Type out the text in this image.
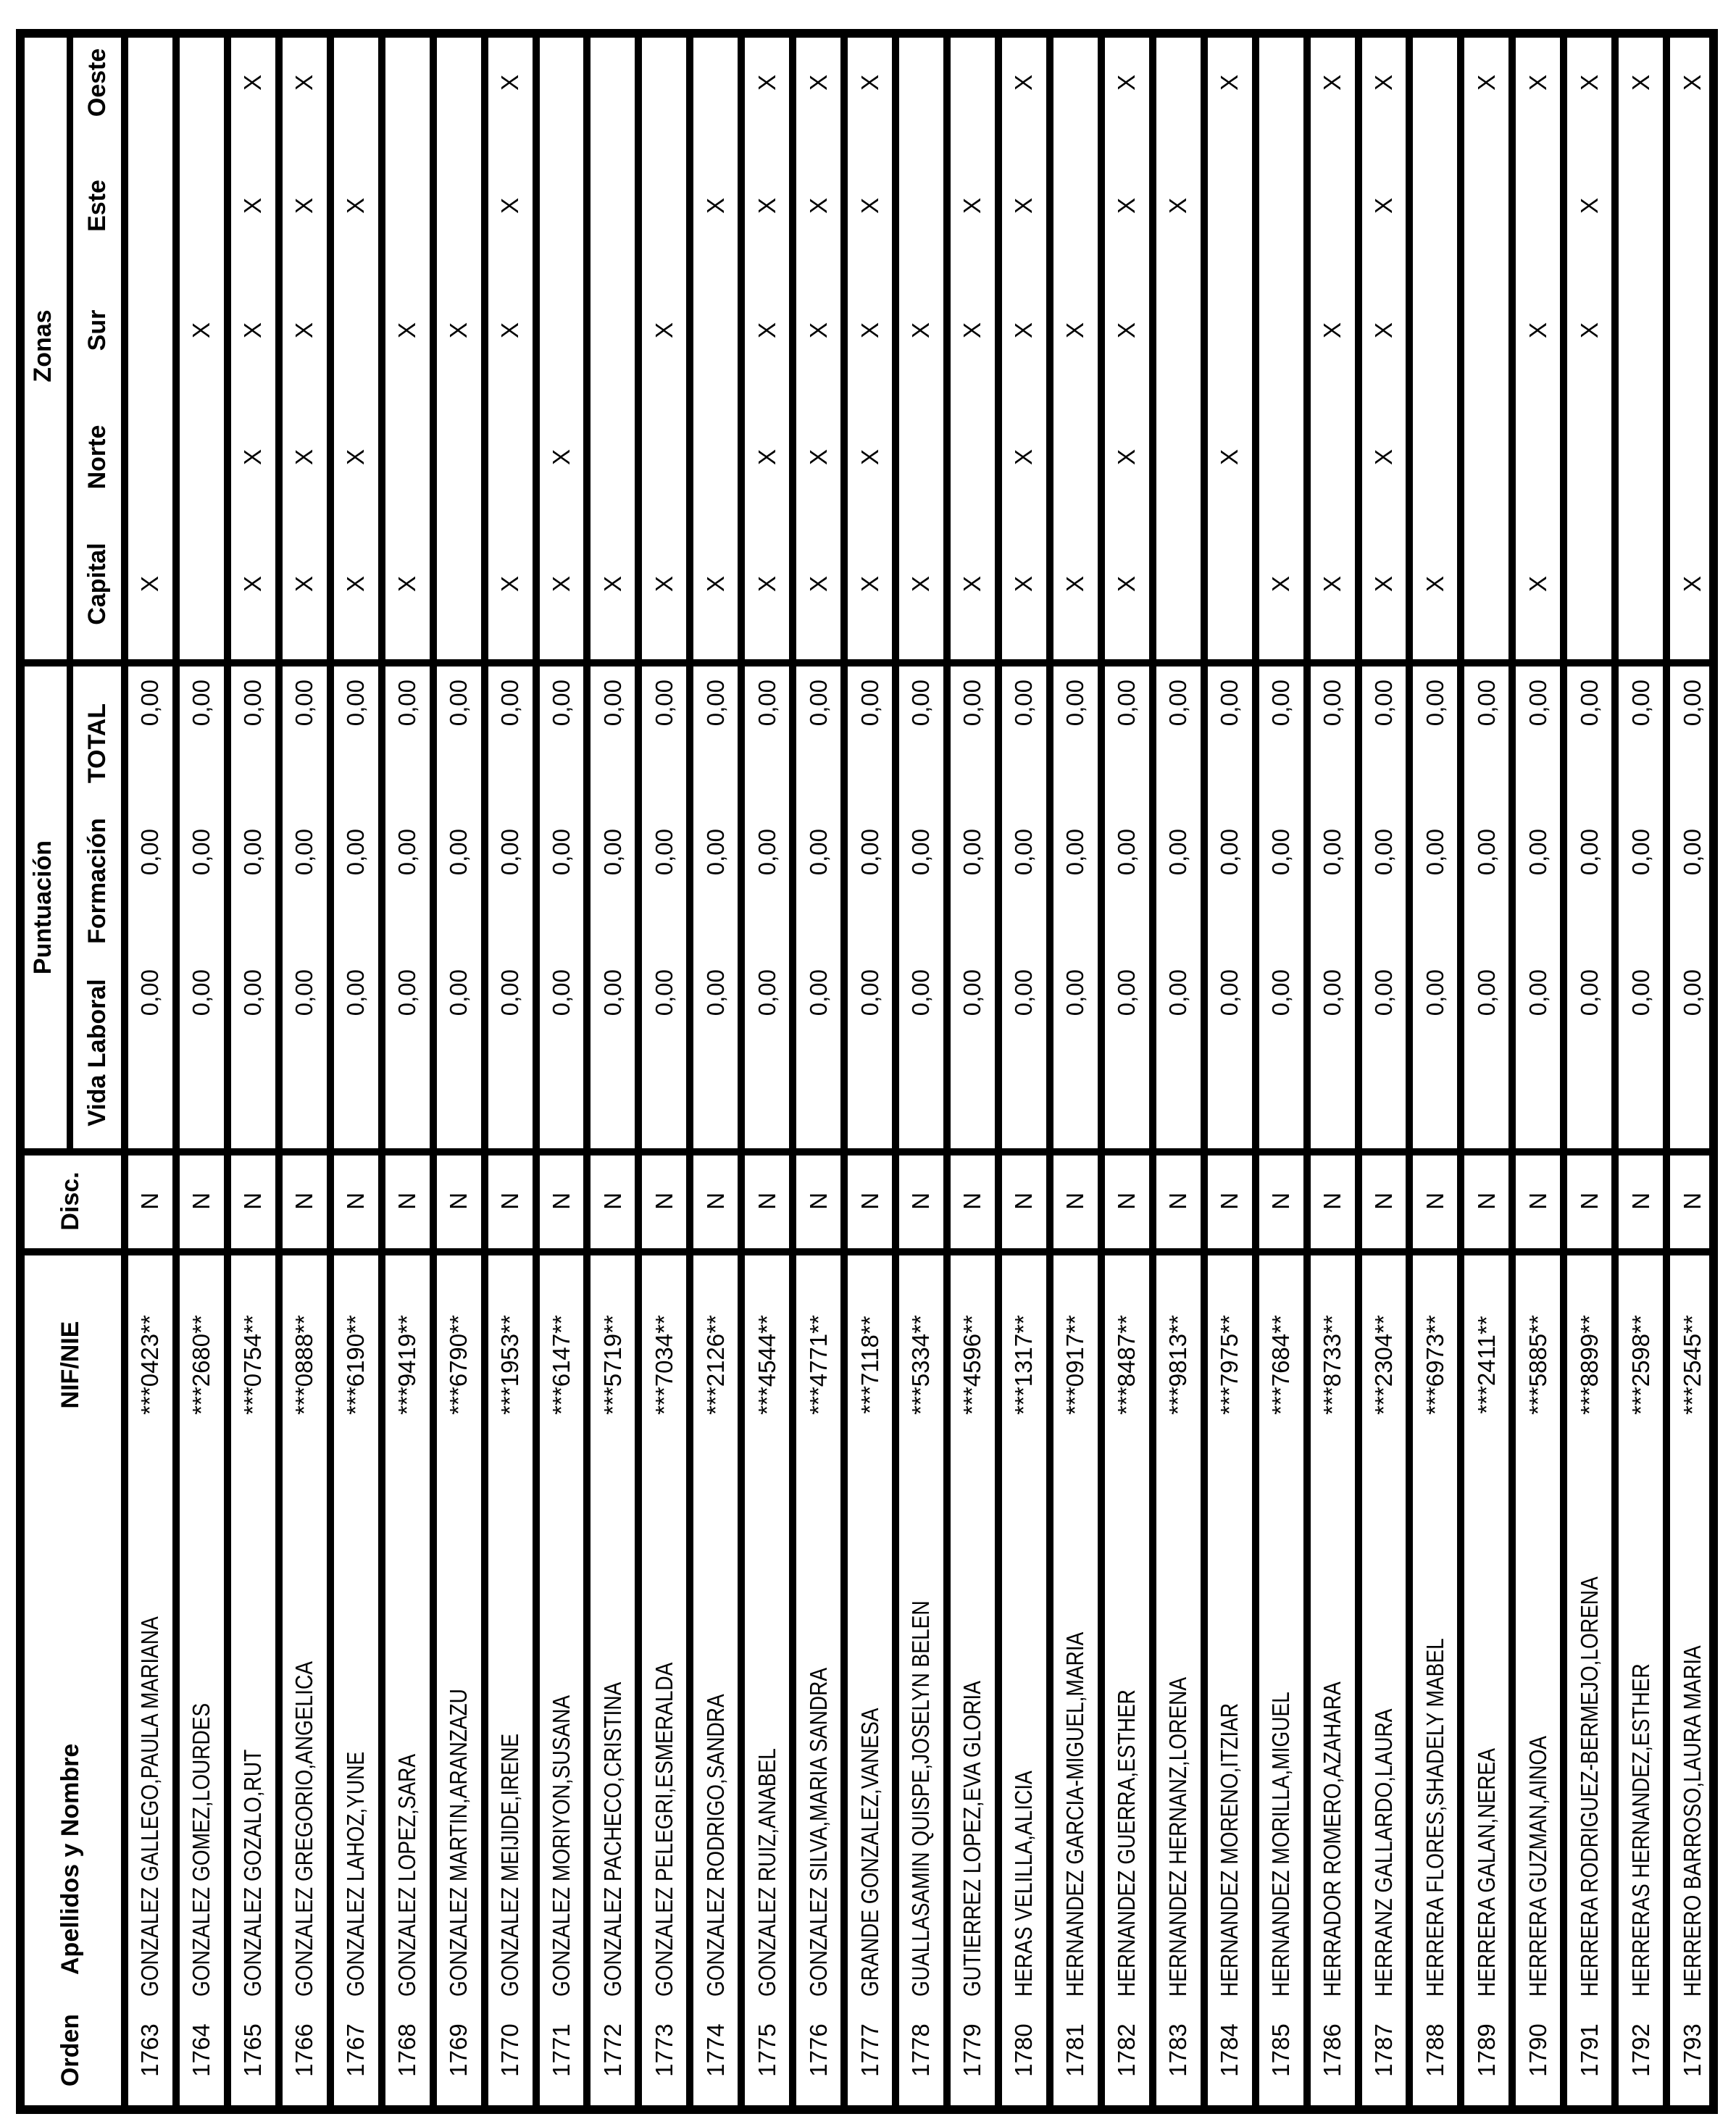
Orden
Apellidos y Nombre
NIF/NIE
Disc.
Puntuación
Vida Laboral
Formación
TOTAL
Zonas
Capital
Norte
Sur
Este
Oeste
1763
GONZALEZ GALLEGO,PAULA MARIANA
***0423**
N
0,00
0,00
0,00
X
1764
GONZALEZ GOMEZ,LOURDES
***2680**
N
0,00
0,00
0,00
X
1765
GONZALEZ GOZALO,RUT
***0754**
N
0,00
0,00
0,00
X
X
X
X
X
1766
GONZALEZ GREGORIO,ANGELICA
***0888**
N
0,00
0,00
0,00
X
X
X
X
X
1767
GONZALEZ LAHOZ,YUNE
***6190**
N
0,00
0,00
0,00
X
X
X
1768
GONZALEZ LOPEZ,SARA
***9419**
N
0,00
0,00
0,00
X
X
1769
GONZALEZ MARTIN,ARANZAZU
***6790**
N
0,00
0,00
0,00
X
1770
GONZALEZ MEIJIDE,IRENE
***1953**
N
0,00
0,00
0,00
X
X
X
X
1771
GONZALEZ MORIYON,SUSANA
***6147**
N
0,00
0,00
0,00
X
X
1772
GONZALEZ PACHECO,CRISTINA
***5719**
N
0,00
0,00
0,00
X
1773
GONZALEZ PELEGRI,ESMERALDA
***7034**
N
0,00
0,00
0,00
X
X
1774
GONZALEZ RODRIGO,SANDRA
***2126**
N
0,00
0,00
0,00
X
X
1775
GONZALEZ RUIZ,ANABEL
***4544**
N
0,00
0,00
0,00
X
X
X
X
X
1776
GONZALEZ SILVA,MARIA SANDRA
***4771**
N
0,00
0,00
0,00
X
X
X
X
X
1777
GRANDE GONZALEZ,VANESA
***7118**
N
0,00
0,00
0,00
X
X
X
X
X
1778
GUALLASAMIN QUISPE,JOSELYN BELEN
***5334**
N
0,00
0,00
0,00
X
X
1779
GUTIERREZ LOPEZ,EVA GLORIA
***4596**
N
0,00
0,00
0,00
X
X
X
1780
HERAS VELILLA,ALICIA
***1317**
N
0,00
0,00
0,00
X
X
X
X
X
1781
HERNANDEZ GARCIA-MIGUEL,MARIA
***0917**
N
0,00
0,00
0,00
X
X
1782
HERNANDEZ GUERRA,ESTHER
***8487**
N
0,00
0,00
0,00
X
X
X
X
X
1783
HERNANDEZ HERNANZ,LORENA
***9813**
N
0,00
0,00
0,00
X
1784
HERNANDEZ MORENO,ITZIAR
***7975**
N
0,00
0,00
0,00
X
X
1785
HERNANDEZ MORILLA,MIGUEL
***7684**
N
0,00
0,00
0,00
X
1786
HERRADOR ROMERO,AZAHARA
***8733**
N
0,00
0,00
0,00
X
X
X
1787
HERRANZ GALLARDO,LAURA
***2304**
N
0,00
0,00
0,00
X
X
X
X
X
1788
HERRERA FLORES,SHADELY MABEL
***6973**
N
0,00
0,00
0,00
X
1789
HERRERA GALAN,NEREA
***2411**
N
0,00
0,00
0,00
X
1790
HERRERA GUZMAN,AINOA
***5885**
N
0,00
0,00
0,00
X
X
X
1791
HERRERA RODRIGUEZ-BERMEJO,LORENA
***8899**
N
0,00
0,00
0,00
X
X
X
1792
HERRERAS HERNANDEZ,ESTHER
***2598**
N
0,00
0,00
0,00
X
1793
HERRERO BARROSO,LAURA MARIA
***2545**
N
0,00
0,00
0,00
X
X
